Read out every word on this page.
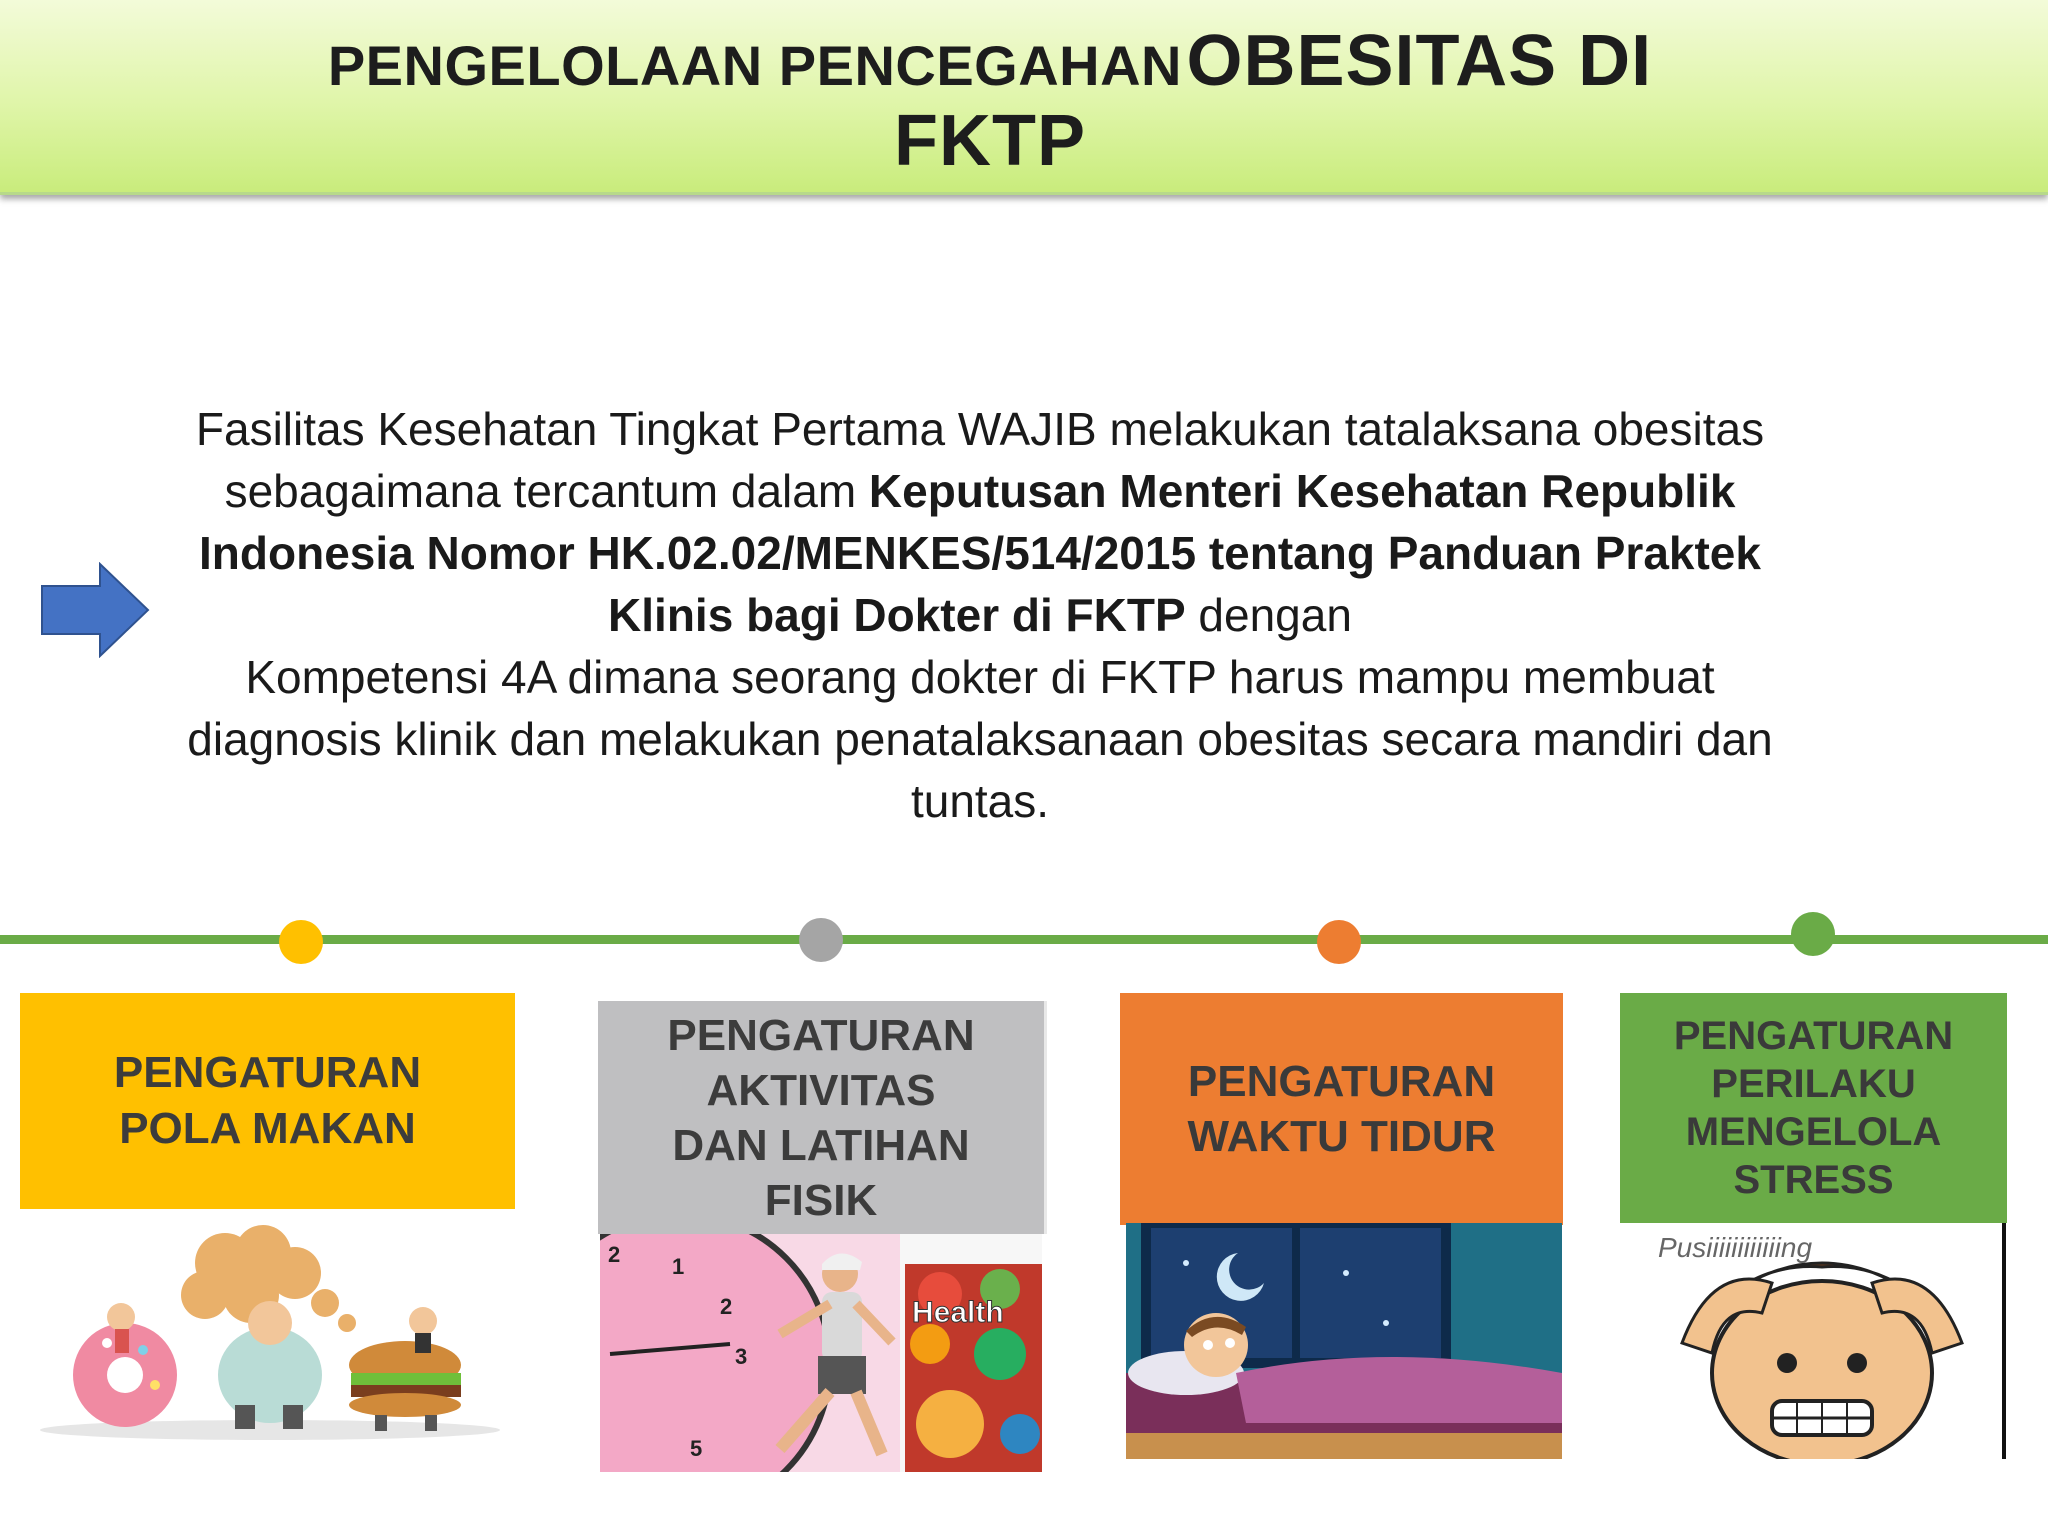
PENGELOLAAN PENCEGAHAN OBESITAS DI
FKTP
Fasilitas Kesehatan Tingkat Pertama WAJIB melakukan tatalaksana obesitas sebagaimana tercantum dalam Keputusan Menteri Kesehatan Republik Indonesia Nomor HK.02.02/MENKES/514/2015 tentang Panduan Praktek Klinis bagi Dokter di FKTP dengan
Kompetensi 4A dimana seorang dokter di FKTP harus mampu membuat diagnosis klinik dan melakukan penatalaksanaan obesitas secara mandiri dan tuntas.
PENGATURAN
POLA MAKAN
PENGATURAN
AKTIVITAS
DAN LATIHAN
FISIK
PENGATURAN
WAKTU TIDUR
PENGATURAN
PERILAKU
MENGELOLA
STRESS
2 1
2
3
5
Health
Pusiiiiiiiiiiiing
